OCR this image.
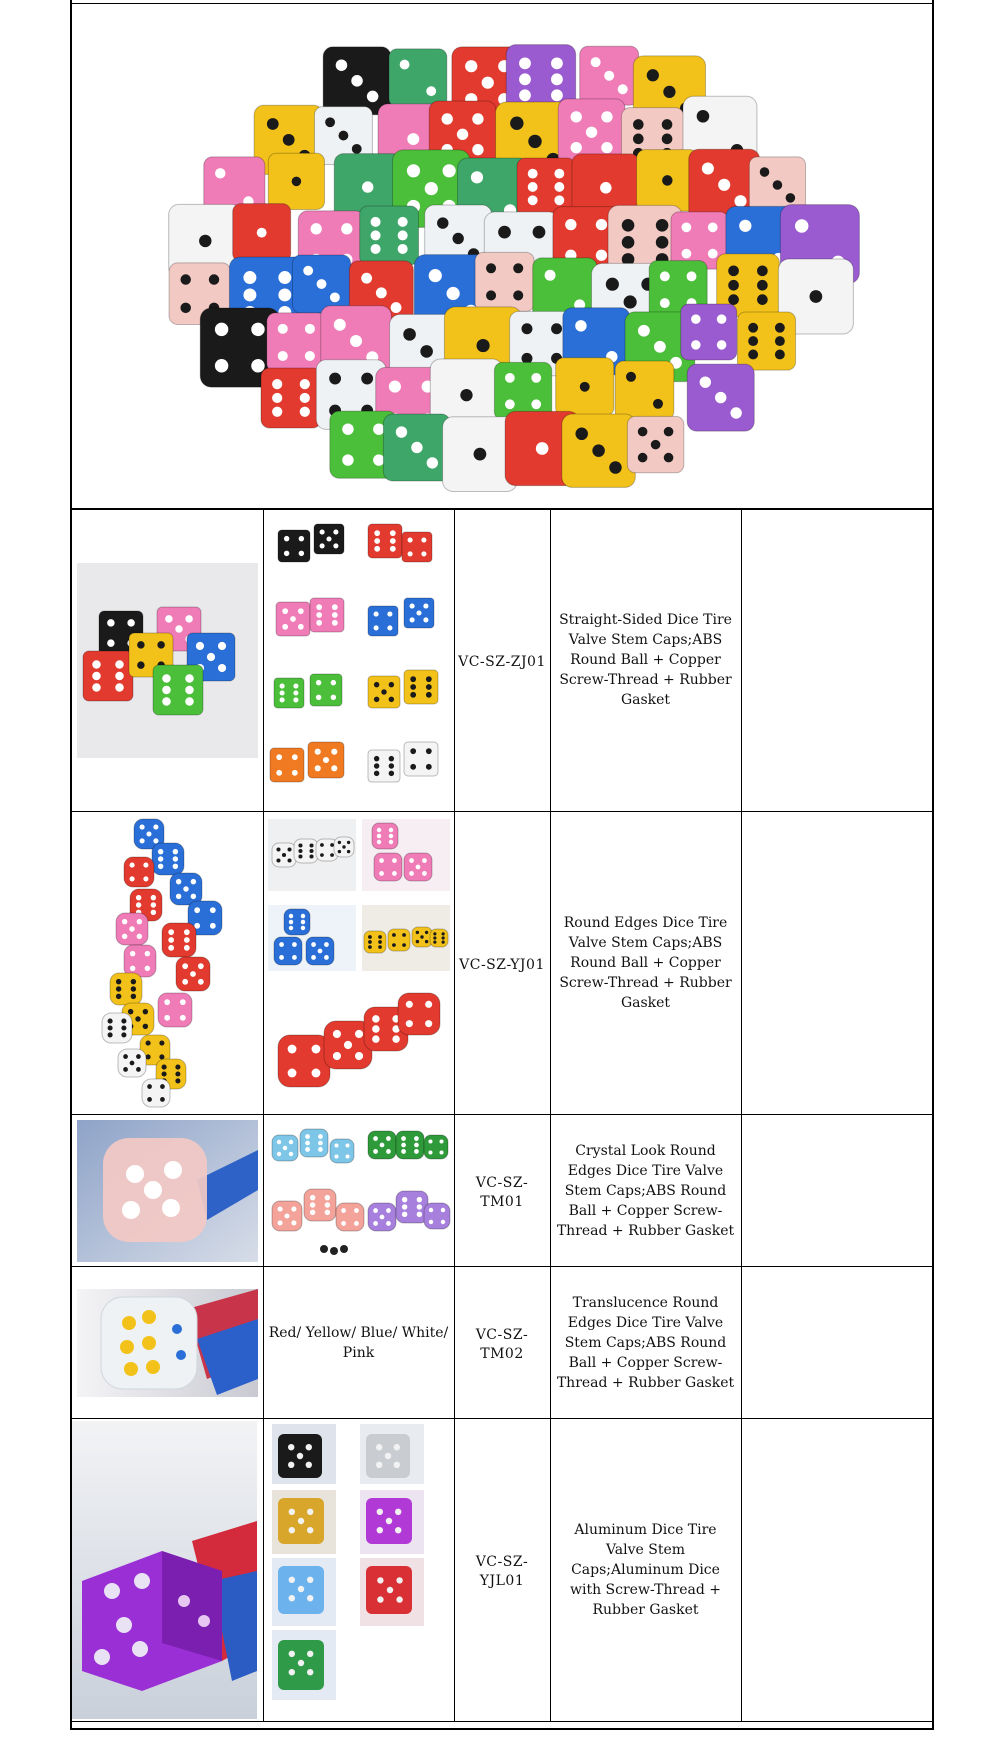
	VC-SZ-ZJ01	Straight-Sided Dice Tire Valve Stem Caps;ABS Round Ball + Copper Screw-Thread + Rubber Gasket	

	VC-SZ-YJ01	Round Edges Dice Tire Valve Stem Caps;ABS Round Ball + Copper Screw-Thread + Rubber Gasket	

	VC-SZ-TM01	Crystal Look Round Edges Dice Tire Valve Stem Caps;ABS Round Ball + Copper Screw-Thread + Rubber Gasket	

Red/ Yellow/ Blue/ White/ Pink	VC-SZ-TM02	Translucence Round Edges Dice Tire Valve Stem Caps;ABS Round Ball + Copper Screw-Thread + Rubber Gasket	

	VC-SZ-YJL01	Aluminum Dice Tire Valve Stem Caps;Aluminum Dice with Screw-Thread + Rubber Gasket	
